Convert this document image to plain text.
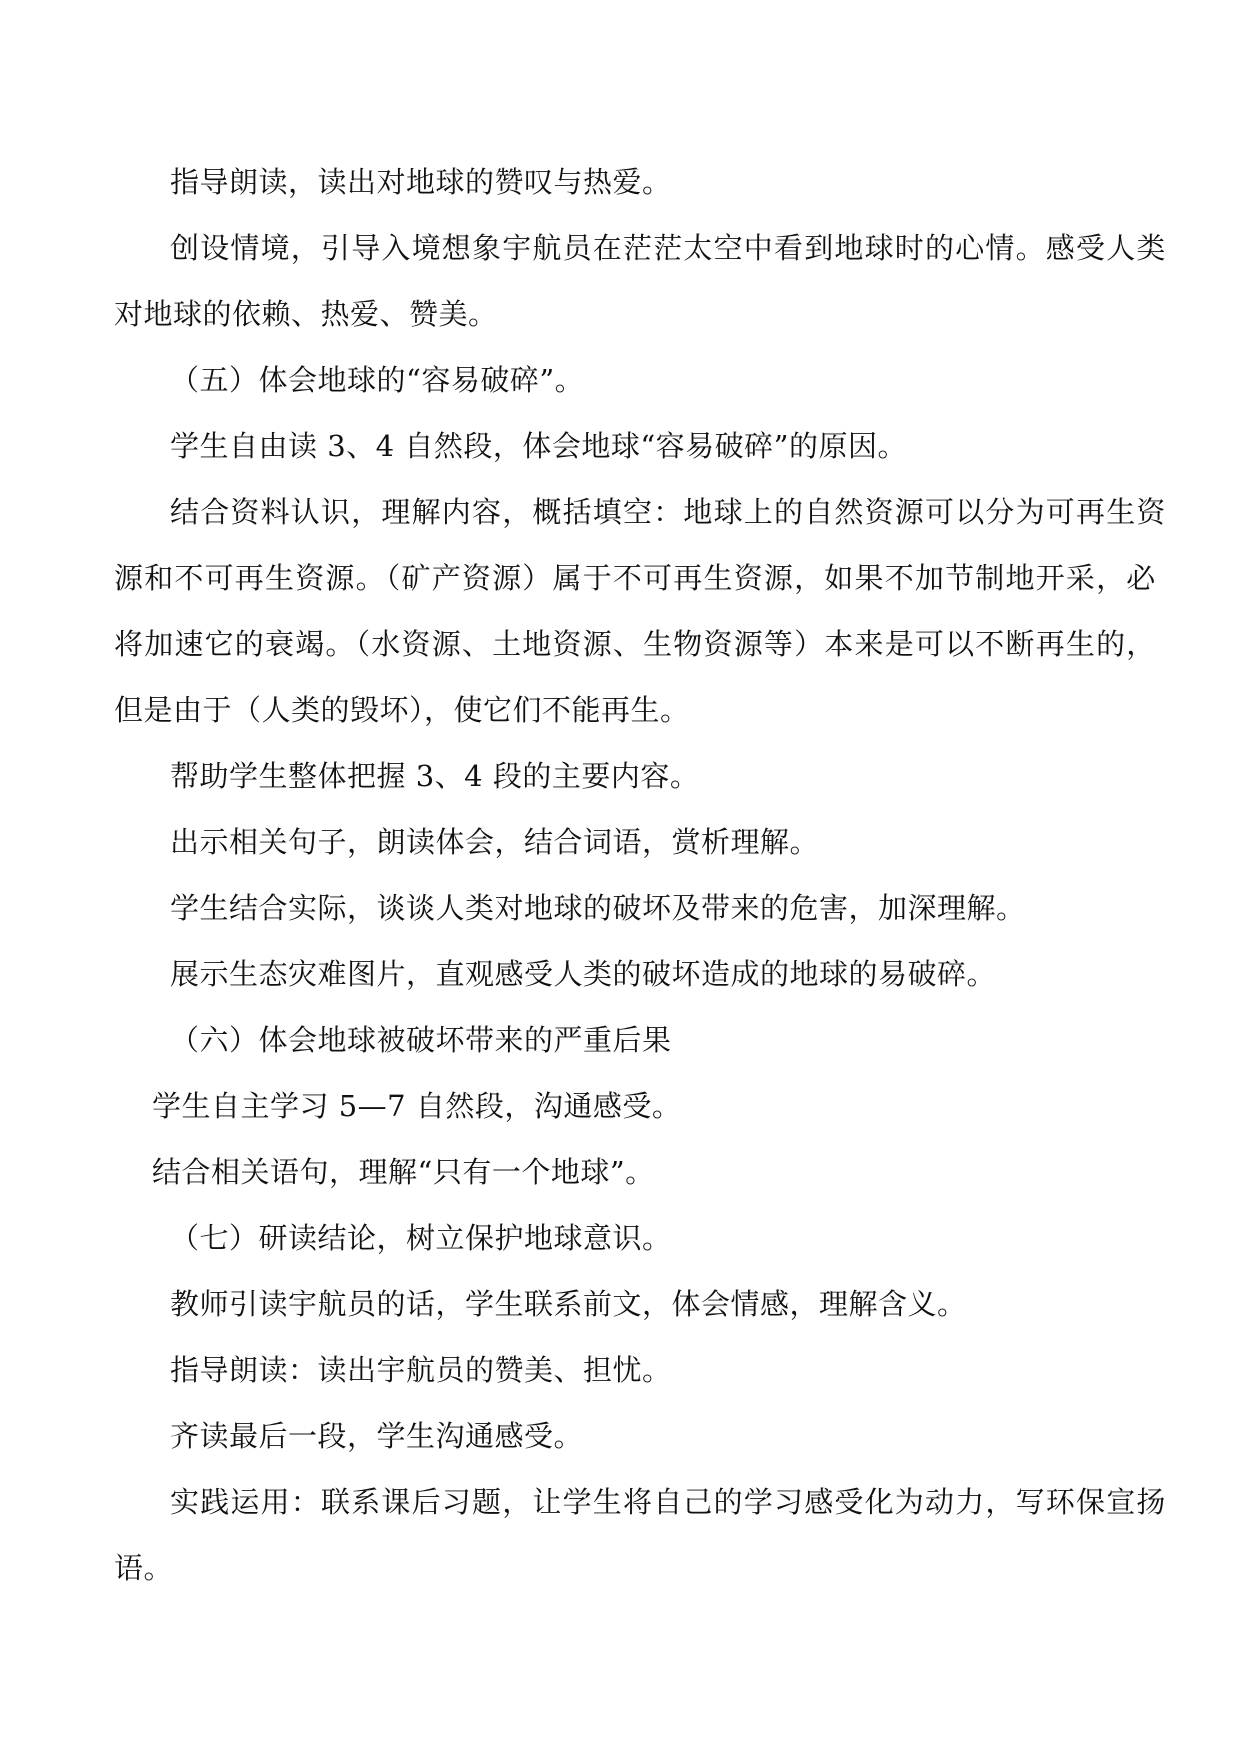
指导朗读，读出对地球的赞叹与热爱。
创设情境，引导入境想象宇航员在茫茫太空中看到地球时的心情。感受人类
对地球的依赖、热爱、赞美。
（五）体会地球的“容易破碎”。
学生自由读 3、4 自然段，体会地球“容易破碎”的原因。
结合资料认识，理解内容，概括填空：地球上的自然资源可以分为可再生资
源和不可再生资源。（矿产资源）属于不可再生资源，如果不加节制地开采，必
将加速它的衰竭。（水资源、土地资源、生物资源等）本来是可以不断再生的，
但是由于（人类的毁坏），使它们不能再生。
帮助学生整体把握 3、4 段的主要内容。
出示相关句子，朗读体会，结合词语，赏析理解。
学生结合实际，谈谈人类对地球的破坏及带来的危害，加深理解。
展示生态灾难图片，直观感受人类的破坏造成的地球的易破碎。
（六）体会地球被破坏带来的严重后果
学生自主学习 5—7 自然段，沟通感受。
结合相关语句，理解“只有一个地球”。
（七）研读结论，树立保护地球意识。
教师引读宇航员的话，学生联系前文，体会情感，理解含义。
指导朗读：读出宇航员的赞美、担忧。
齐读最后一段，学生沟通感受。
实践运用：联系课后习题，让学生将自己的学习感受化为动力，写环保宣扬
语。
